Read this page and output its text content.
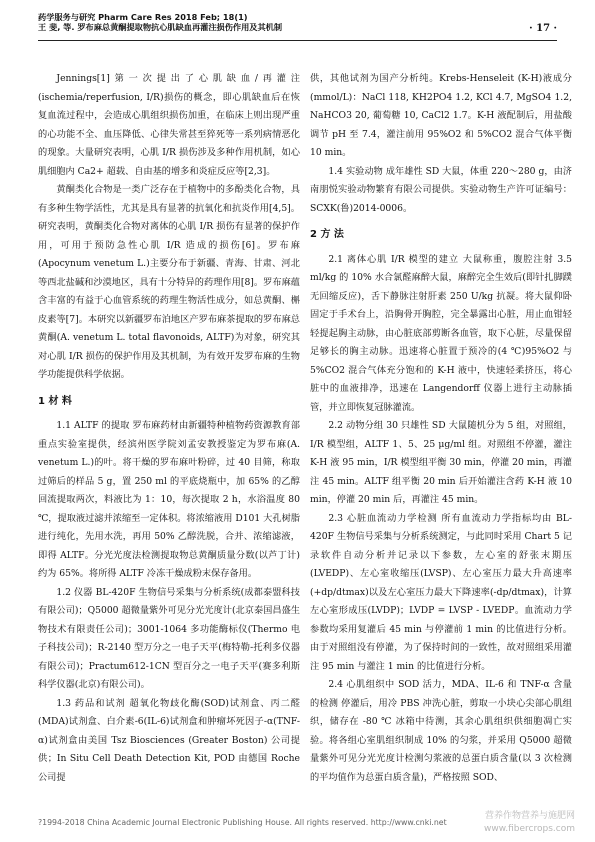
药学服务与研究 Pharm Care Res 2018 Feb; 18(1)
王 斐, 等. 罗布麻总黄酮提取物抗心肌缺血再灌注损伤作用及其机制	· 17 ·

Jennings[1]第一次提出了心肌缺血/再灌注(ischemia/reperfusion, I/R)损伤的概念，即心肌缺血后在恢复血流过程中，会造成心肌组织损伤加重，在临床上则出现严重的心功能不全、血压降低、心律失常甚至猝死等一系列病情恶化的现象。大量研究表明，心肌 I/R 损伤涉及多种作用机制，如心肌细胞内 Ca2+ 超载、自由基的增多和炎症反应等[2,3]。

黄酮类化合物是一类广泛存在于植物中的多酚类化合物，具有多种生物学活性，尤其是具有显著的抗氧化和抗炎作用[4,5]。研究表明，黄酮类化合物对离体的心肌 I/R 损伤有显著的保护作用，可用于预防急性心肌 I/R 造成的损伤[6]。罗布麻(Apocynum venetum L.)主要分布于新疆、青海、甘肃、河北等西北盐碱和沙漠地区，具有十分特异的药理作用[8]。罗布麻蕴含丰富的有益于心血管系统的药理生物活性成分，如总黄酮、槲皮素等[7]。本研究以新疆罗布泊地区产罗布麻茶提取的罗布麻总黄酮(A. venetum L. total flavonoids, ALTF)为对象，研究其对心肌 I/R 损伤的保护作用及其机制，为有效开发罗布麻的生物学功能提供科学依据。

1 材 料

1.1 ALTF 的提取 罗布麻药材由新疆特种植物药资源教育部重点实验室提供，经滨州医学院刘孟安教授鉴定为罗布麻(A. venetum L.)的叶。将干燥的罗布麻叶粉碎，过 40 目筛，称取过筛后的样品 5 g，置 250 ml 的平底烧瓶中，加 65% 的乙醇回流提取两次，料液比为 1：10，每次提取 2 h，水浴温度 80 ℃，提取液过滤并浓缩至一定体积。将浓缩液用 D101 大孔树脂进行纯化，先用水洗，再用 50% 乙醇洗脱，合并、浓缩滤液，即得 ALTF。分光光度法检测提取物总黄酮质量分数(以芦丁计)约为 65%。将所得 ALTF 冷冻干燥成粉末保存备用。

1.2 仪器 BL-420F 生物信号采集与分析系统(成都泰盟科技有限公司)；Q5000 超微量紫外可见分光光度计(北京泰国昌盛生物技术有限责任公司)；3001-1064 多功能酶标仪(Thermo 电子科技公司)；R-2140 型万分之一电子天平(梅特勒-托利多仪器有限公司)；Practum612-1CN 型百分之一电子天平(赛多利斯科学仪器(北京)有限公司)。

1.3 药品和试剂 超氧化物歧化酶(SOD)试剂盒、丙二醛(MDA)试剂盒、白介素-6(IL-6)试剂盒和肿瘤坏死因子-α(TNF-α)试剂盒由美国 Tsz Biosciences (Greater Boston) 公司提供；In Situ Cell Death Detection Kit, POD 由德国 Roche 公司提

供，其他试剂为国产分析纯。Krebs-Henseleit (K-H)液成分(mmol/L)：NaCl 118, KH2PO4 1.2, KCl 4.7, MgSO4 1.2, NaHCO3 20, 葡萄糖 10, CaCl2 1.7。K-H 液配制后，用盐酸调节 pH 至 7.4，灌注前用 95%O2 和 5%CO2 混合气体平衡 10 min。

1.4 实验动物 成年雄性 SD 大鼠，体重 220～280 g，由济南朋悦实验动物繁育有限公司提供。实验动物生产许可证编号：SCXK(鲁)2014-0006。

2 方 法

2.1 离体心肌 I/R 模型的建立 大鼠称重，腹腔注射 3.5 ml/kg 的 10% 水合氯醛麻醉大鼠，麻醉完全生效后(即针扎脚蹼无回缩反应)，舌下静脉注射肝素 250 U/kg 抗凝。将大鼠仰卧固定于手术台上，沿胸骨开胸腔，完全暴露出心脏，用止血钳轻轻提起胸主动脉，由心脏底部剪断各血管，取下心脏，尽量保留足够长的胸主动脉。迅速将心脏置于预冷的(4 ℃)95%O2 与 5%CO2 混合气体充分饱和的 K-H 液中，快速轻柔挤压，将心脏中的血液排净，迅速在 Langendorff 仪器上进行主动脉插管，并立即恢复冠脉灌流。

2.2 动物分组 30 只雄性 SD 大鼠随机分为 5 组，对照组，I/R 模型组，ALTF 1、5、25 μg/ml 组。对照组不停灌，灌注 K-H 液 95 min，I/R 模型组平衡 30 min，停灌 20 min，再灌注 45 min。ALTF 组平衡 20 min 后开始灌注含药 K-H 液 10 min，停灌 20 min 后，再灌注 45 min。

2.3 心脏血流动力学检测 所有血流动力学指标均由 BL-420F 生物信号采集与分析系统测定，与此同时采用 Chart 5 记录软件自动分析并记录以下参数，左心室的舒张末期压(LVEDP)、左心室收缩压(LVSP)、左心室压力最大升高速率(+dp/dtmax)以及左心室压力最大下降速率(-dp/dtmax)，计算左心室形成压(LVDP)；LVDP = LVSP - LVEDP。血流动力学参数均采用复灌后 45 min 与停灌前 1 min 的比值进行分析。由于对照组没有停灌，为了保持时间的一致性，故对照组采用灌注 95 min 与灌注 1 min 的比值进行分析。

2.4 心肌组织中 SOD 活力，MDA、IL-6 和 TNF-α 含量的检测 停灌后，用冷 PBS 冲洗心脏，剪取一小块心尖部心肌组织，储存在 -80 ℃ 冰箱中待测，其余心肌组织供细胞凋亡实验。将各组心室肌组织制成 10% 的匀浆，并采用 Q5000 超微量紫外可见分光光度计检测匀浆液的总蛋白质含量(以 3 次检测的平均值作为总蛋白质含量)，严格按照 SOD、

?1994-2018 China Academic Journal Electronic Publishing House. All rights reserved. http://www.cnki.net
营养作物营养与施肥网
www.fibercrops.com
